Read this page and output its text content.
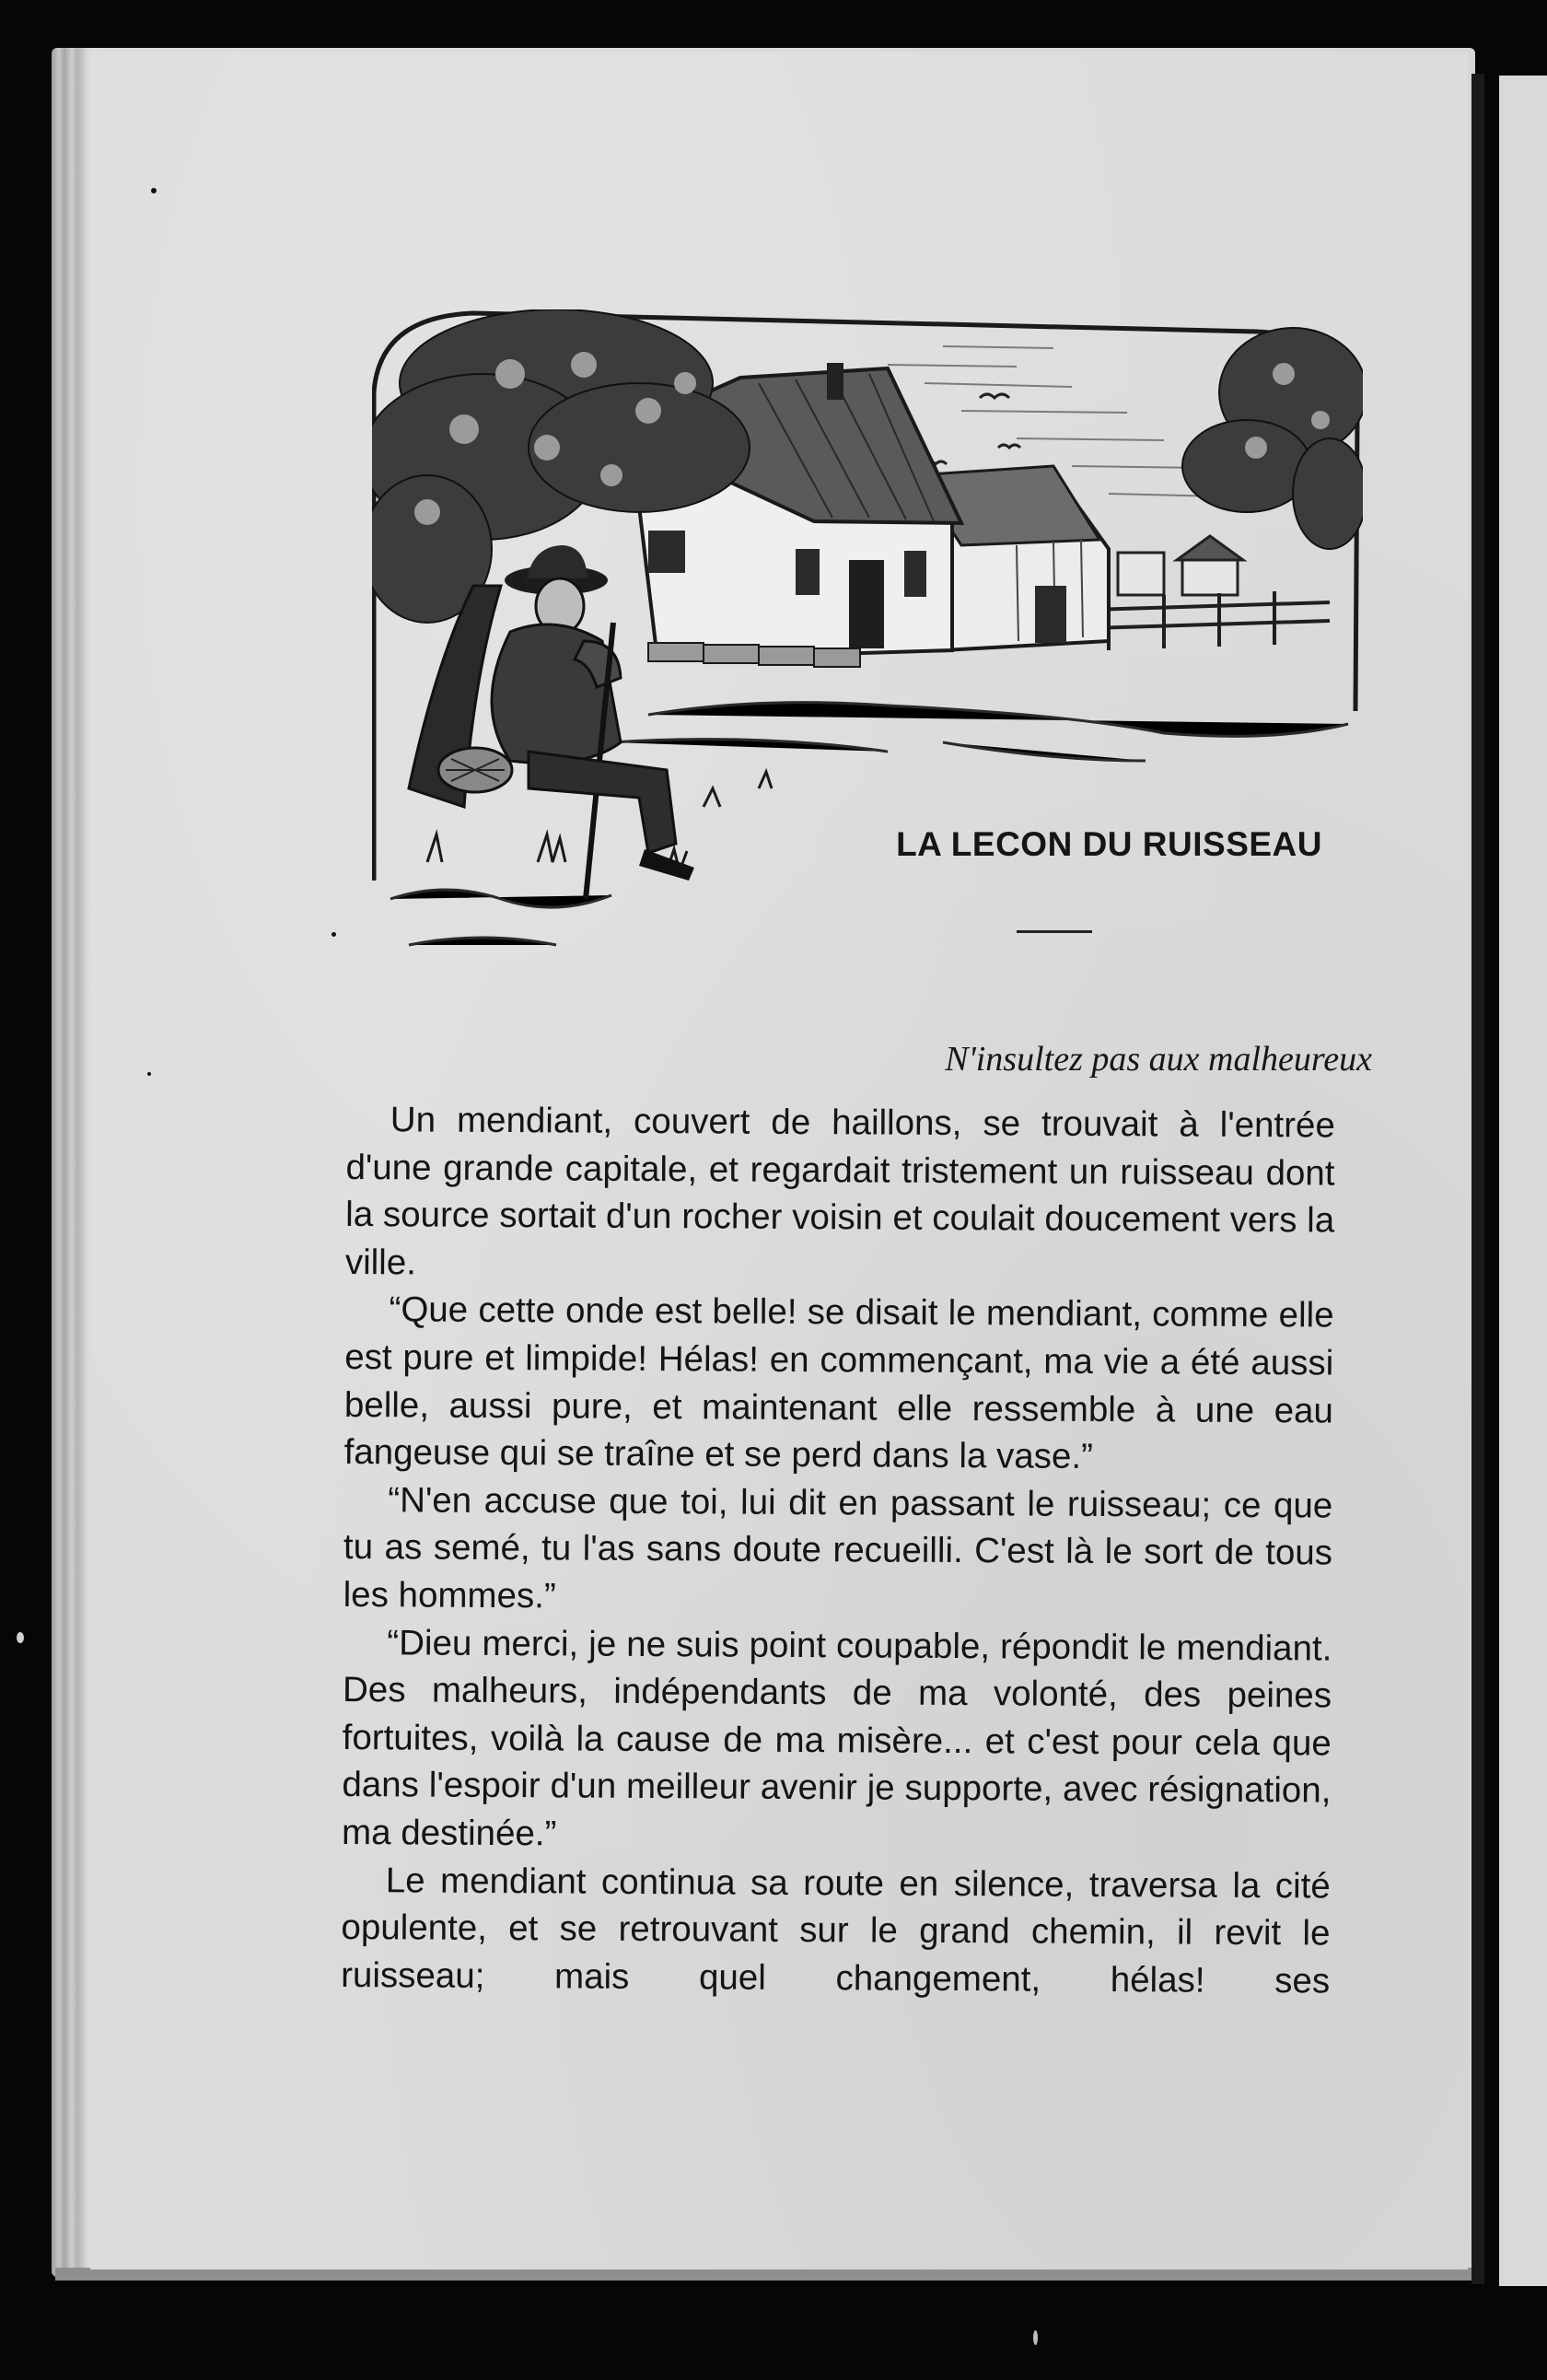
LA LECON DU RUISSEAU
N'insultez pas aux malheureux

Un mendiant, couvert de haillons, se trouvait à l'entrée d'une grande capitale, et regardait tristement un ruisseau dont la source sortait d'un rocher voisin et coulait doucement vers la ville.

“Que cette onde est belle! se disait le mendiant, comme elle est pure et limpide! Hélas! en commençant, ma vie a été aussi belle, aussi pure, et maintenant elle ressemble à une eau fangeuse qui se traîne et se perd dans la vase.”

“N'en accuse que toi, lui dit en passant le ruisseau; ce que tu as semé, tu l'as sans doute recueilli. C'est là le sort de tous les hommes.”

“Dieu merci, je ne suis point coupable, répondit le mendiant. Des malheurs, indépendants de ma volonté, des peines fortuites, voilà la cause de ma misère... et c'est pour cela que dans l'espoir d'un meilleur avenir je supporte, avec résignation, ma destinée.”

Le mendiant continua sa route en silence, traversa la cité opulente, et se retrouvant sur le grand chemin, il revit le ruisseau; mais quel changement, hélas! ses
